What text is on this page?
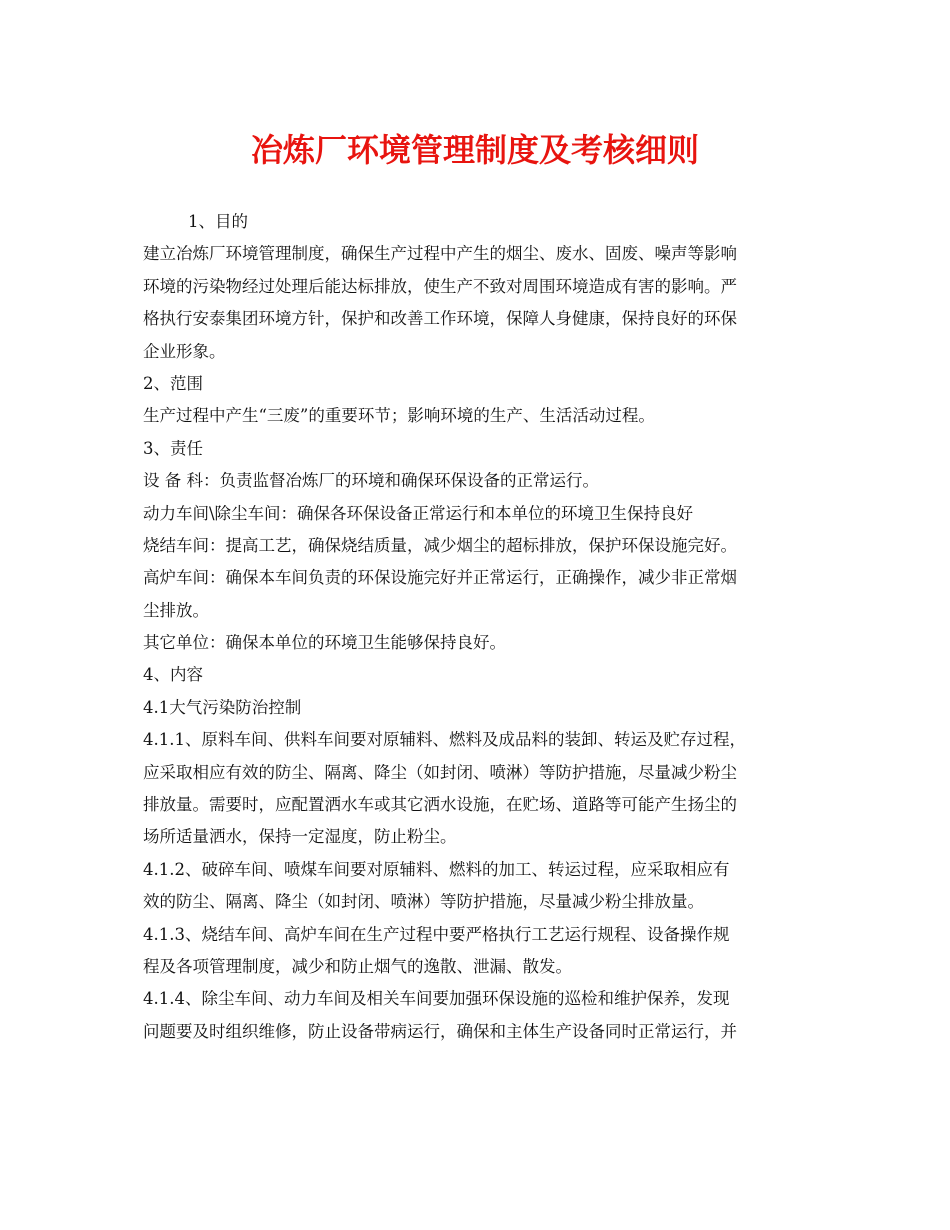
冶炼厂环境管理制度及考核细则
1、目的
建立冶炼厂环境管理制度，确保生产过程中产生的烟尘、废水、固废、噪声等影响
环境的污染物经过处理后能达标排放，使生产不致对周围环境造成有害的影响。严
格执行安泰集团环境方针，保护和改善工作环境，保障人身健康，保持良好的环保
企业形象。
2、范围
生产过程中产生“三废”的重要环节；影响环境的生产、生活活动过程。
3、责任
设 备 科：负责监督冶炼厂的环境和确保环保设备的正常运行。
动力车间\除尘车间：确保各环保设备正常运行和本单位的环境卫生保持良好
烧结车间：提高工艺，确保烧结质量，减少烟尘的超标排放，保护环保设施完好。
高炉车间：确保本车间负责的环保设施完好并正常运行，正确操作，减少非正常烟
尘排放。
其它单位：确保本单位的环境卫生能够保持良好。
4、内容
4.1大气污染防治控制
4.1.1、原料车间、供料车间要对原辅料、燃料及成品料的装卸、转运及贮存过程，
应采取相应有效的防尘、隔离、降尘（如封闭、喷淋）等防护措施，尽量减少粉尘
排放量。需要时，应配置洒水车或其它洒水设施，在贮场、道路等可能产生扬尘的
场所适量洒水，保持一定湿度，防止粉尘。
4.1.2、破碎车间、喷煤车间要对原辅料、燃料的加工、转运过程，应采取相应有
效的防尘、隔离、降尘（如封闭、喷淋）等防护措施，尽量减少粉尘排放量。
4.1.3、烧结车间、高炉车间在生产过程中要严格执行工艺运行规程、设备操作规
程及各项管理制度，减少和防止烟气的逸散、泄漏、散发。
4.1.4、除尘车间、动力车间及相关车间要加强环保设施的巡检和维护保养，发现
问题要及时组织维修，防止设备带病运行，确保和主体生产设备同时正常运行，并
